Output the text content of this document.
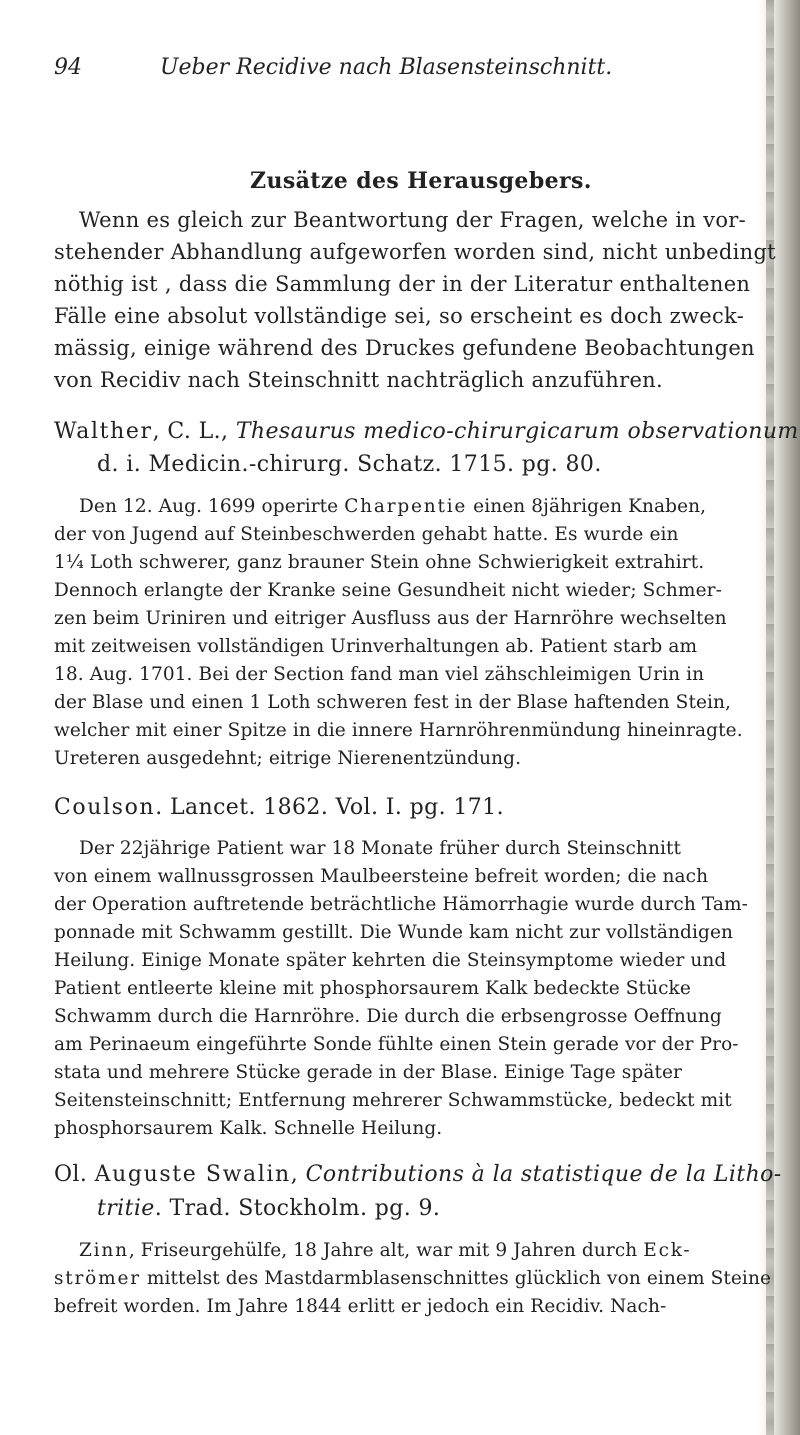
94	Ueber Recidive nach Blasensteinschnitt.

Zusätze des Herausgebers.

Wenn es gleich zur Beantwortung der Fragen, welche in vor-

stehender Abhandlung aufgeworfen worden sind, nicht unbedingt

nöthig ist , dass die Sammlung der in der Literatur enthaltenen

Fälle eine absolut vollständige sei, so erscheint es doch zweck-

mässig, einige während des Druckes gefundene Beobachtungen

von Recidiv nach Steinschnitt nachträglich anzuführen.

Walther, C. L., Thesaurus medico-chirurgicarum observationum

d. i. Medicin.-chirurg. Schatz. 1715. pg. 80.

Den 12. Aug. 1699 operirte Charpentie einen 8jährigen Knaben,

der von Jugend auf Steinbeschwerden gehabt hatte. Es wurde ein

1¼ Loth schwerer, ganz brauner Stein ohne Schwierigkeit extrahirt.

Dennoch erlangte der Kranke seine Gesundheit nicht wieder; Schmer-

zen beim Uriniren und eitriger Ausfluss aus der Harnröhre wechselten

mit zeitweisen vollständigen Urinverhaltungen ab. Patient starb am

18. Aug. 1701. Bei der Section fand man viel zähschleimigen Urin in

der Blase und einen 1 Loth schweren fest in der Blase haftenden Stein,

welcher mit einer Spitze in die innere Harnröhrenmündung hineinragte.

Ureteren ausgedehnt; eitrige Nierenentzündung.

Coulson. Lancet. 1862. Vol. I. pg. 171.

Der 22jährige Patient war 18 Monate früher durch Steinschnitt

von einem wallnussgrossen Maulbeersteine befreit worden; die nach

der Operation auftretende beträchtliche Hämorrhagie wurde durch Tam-

ponnade mit Schwamm gestillt. Die Wunde kam nicht zur vollständigen

Heilung. Einige Monate später kehrten die Steinsymptome wieder und

Patient entleerte kleine mit phosphorsaurem Kalk bedeckte Stücke

Schwamm durch die Harnröhre. Die durch die erbsengrosse Oeffnung

am Perinaeum eingeführte Sonde fühlte einen Stein gerade vor der Pro-

stata und mehrere Stücke gerade in der Blase. Einige Tage später

Seitensteinschnitt; Entfernung mehrerer Schwammstücke, bedeckt mit

phosphorsaurem Kalk. Schnelle Heilung.

Ol. Auguste Swalin, Contributions à la statistique de la Litho-

tritie. Trad. Stockholm. pg. 9.

Zinn, Friseurgehülfe, 18 Jahre alt, war mit 9 Jahren durch Eck-

strömer mittelst des Mastdarmblasenschnittes glücklich von einem Steine

befreit worden. Im Jahre 1844 erlitt er jedoch ein Recidiv. Nach-
